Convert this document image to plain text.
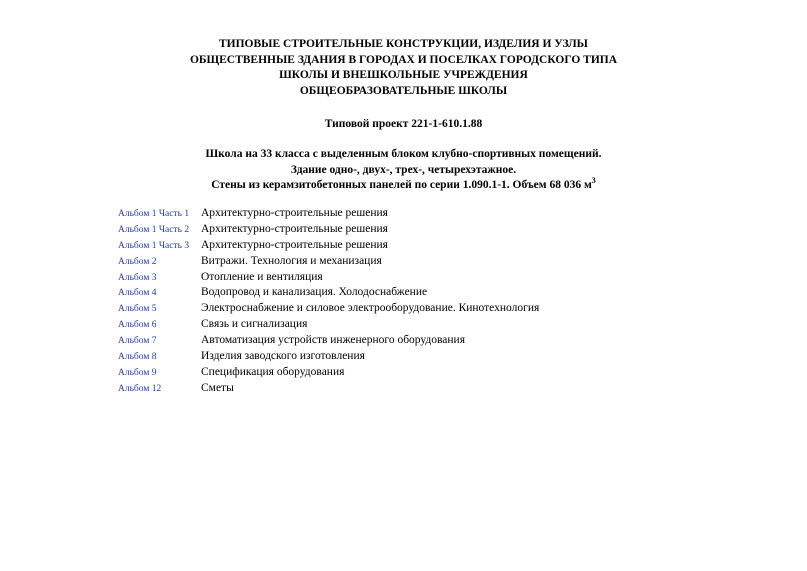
ТИПОВЫЕ СТРОИТЕЛЬНЫЕ КОНСТРУКЦИИ, ИЗДЕЛИЯ И УЗЛЫ
ОБЩЕСТВЕННЫЕ ЗДАНИЯ В ГОРОДАХ И ПОСЕЛКАХ ГОРОДСКОГО ТИПА
ШКОЛЫ И ВНЕШКОЛЬНЫЕ УЧРЕЖДЕНИЯ
ОБЩЕОБРАЗОВАТЕЛЬНЫЕ ШКОЛЫ
Типовой проект 221-1-610.1.88
Школа на 33 класса с выделенным блоком клубно-спортивных помещений.
Здание одно-, двух-, трех-, четырехэтажное.
Стены из керамзитобетонных панелей по серии 1.090.1-1. Объем 68 036 $м^3$
Альбом 1 Часть 1	Архитектурно-строительные решения
Альбом 1 Часть 2	Архитектурно-строительные решения
Альбом 1 Часть 3	Архитектурно-строительные решения
Альбом 2	Витражи. Технология и механизация
Альбом 3	Отопление и вентиляция
Альбом 4	Водопровод и канализация. Холодоснабжение
Альбом 5	Электроснабжение и силовое электрооборудование. Кинотехнология
Альбом 6	Связь и сигнализация
Альбом 7	Автоматизация устройств инженерного оборудования
Альбом 8	Изделия заводского изготовления
Альбом 9	Спецификация оборудования
Альбом 12	Сметы
